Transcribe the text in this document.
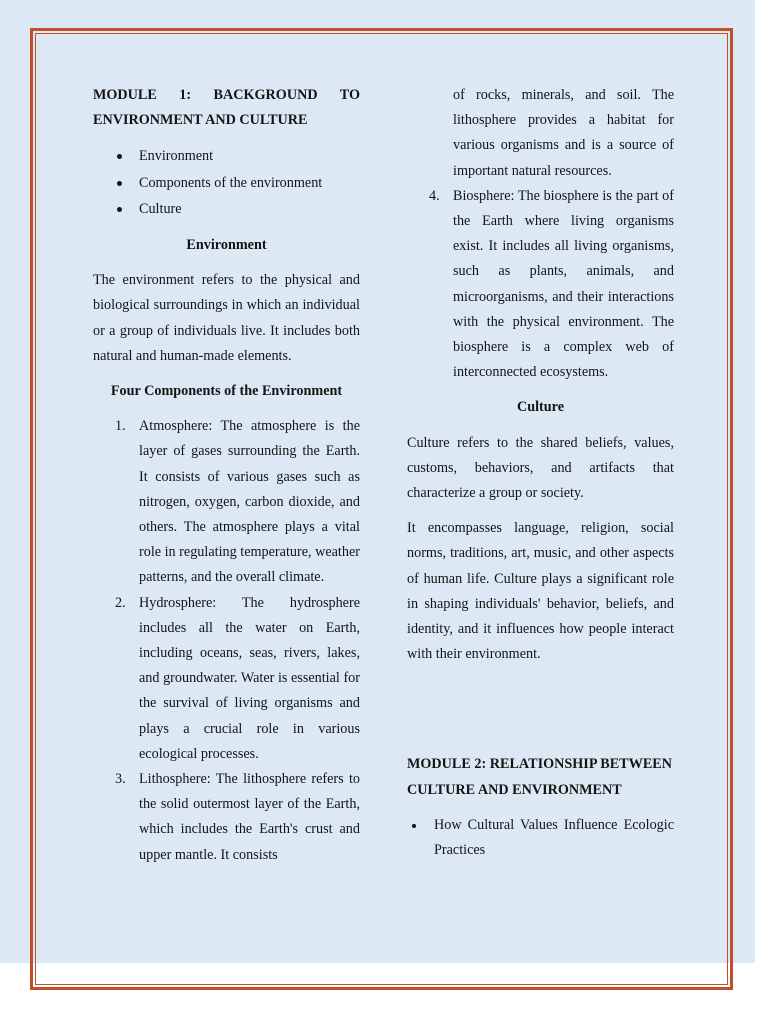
MODULE 1: BACKGROUND TO ENVIRONMENT AND CULTURE

Environment
Components of the environment
Culture

Environment

The environment refers to the physical and biological surroundings in which an individual or a group of individuals live. It includes both natural and human-made elements.

Four Components of the Environment

1. Atmosphere: The atmosphere is the layer of gases surrounding the Earth. It consists of various gases such as nitrogen, oxygen, carbon dioxide, and others. The atmosphere plays a vital role in regulating temperature, weather patterns, and the overall climate.
2. Hydrosphere: The hydrosphere includes all the water on Earth, including oceans, seas, rivers, lakes, and groundwater. Water is essential for the survival of living organisms and plays a crucial role in various ecological processes.
3. Lithosphere: The lithosphere refers to the solid outermost layer of the Earth, which includes the Earth's crust and upper mantle. It consists

of rocks, minerals, and soil. The lithosphere provides a habitat for various organisms and is a source of important natural resources.

4. Biosphere: The biosphere is the part of the Earth where living organisms exist. It includes all living organisms, such as plants, animals, and microorganisms, and their interactions with the physical environment. The biosphere is a complex web of interconnected ecosystems.

Culture

Culture refers to the shared beliefs, values, customs, behaviors, and artifacts that characterize a group or society.

It encompasses language, religion, social norms, traditions, art, music, and other aspects of human life. Culture plays a significant role in shaping individuals' behavior, beliefs, and identity, and it influences how people interact with their environment.

MODULE 2: RELATIONSHIP BETWEEN CULTURE AND ENVIRONMENT

How Cultural Values Influence Ecologic Practices
